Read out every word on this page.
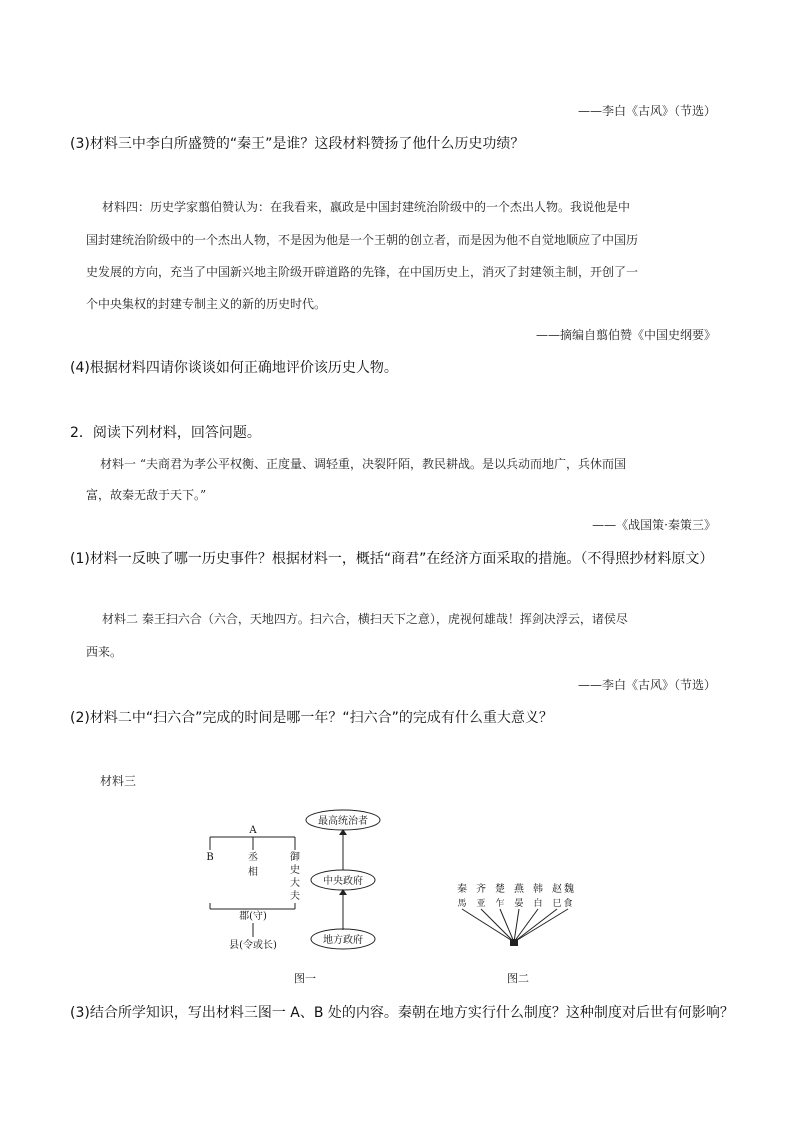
——李白《古风》（节选）
(3)材料三中李白所盛赞的“秦王”是谁？这段材料赞扬了他什么历史功绩？
材料四：历史学家翦伯赞认为：在我看来，嬴政是中国封建统治阶级中的一个杰出人物。我说他是中
国封建统治阶级中的一个杰出人物，不是因为他是一个王朝的创立者，而是因为他不自觉地顺应了中国历
史发展的方向，充当了中国新兴地主阶级开辟道路的先锋，在中国历史上，消灭了封建领主制，开创了一
个中央集权的封建专制主义的新的历史时代。
——摘编自翦伯赞《中国史纲要》
(4)根据材料四请你谈谈如何正确地评价该历史人物。
2．阅读下列材料，回答问题。
材料一 “夫商君为孝公平权衡、正度量、调轻重，决裂阡陌，教民耕战。是以兵动而地广，兵休而国
富，故秦无敌于天下。”
——《战国策·秦策三》
(1)材料一反映了哪一历史事件？根据材料一，概括“商君”在经济方面采取的措施。（不得照抄材料原文）
材料二 秦王扫六合（六合，天地四方。扫六合，横扫天下之意），虎视何雄哉！挥剑决浮云，诸侯尽
西来。
——李白《古风》（节选）
(2)材料二中“扫六合”完成的时间是哪一年？“扫六合”的完成有什么重大意义？
材料三
A
B	丞
相
御
史
大
夫
郡(守)
县(令或长)
最高统治者
中央政府
地方政府
图一
秦 齐 楚 燕 韩 赵 魏
⾺ 亚 乍 晏 白 ⺒ ⾷
图二
(3)结合所学知识，写出材料三图一 A、B 处的内容。秦朝在地方实行什么制度？这种制度对后世有何影响？
